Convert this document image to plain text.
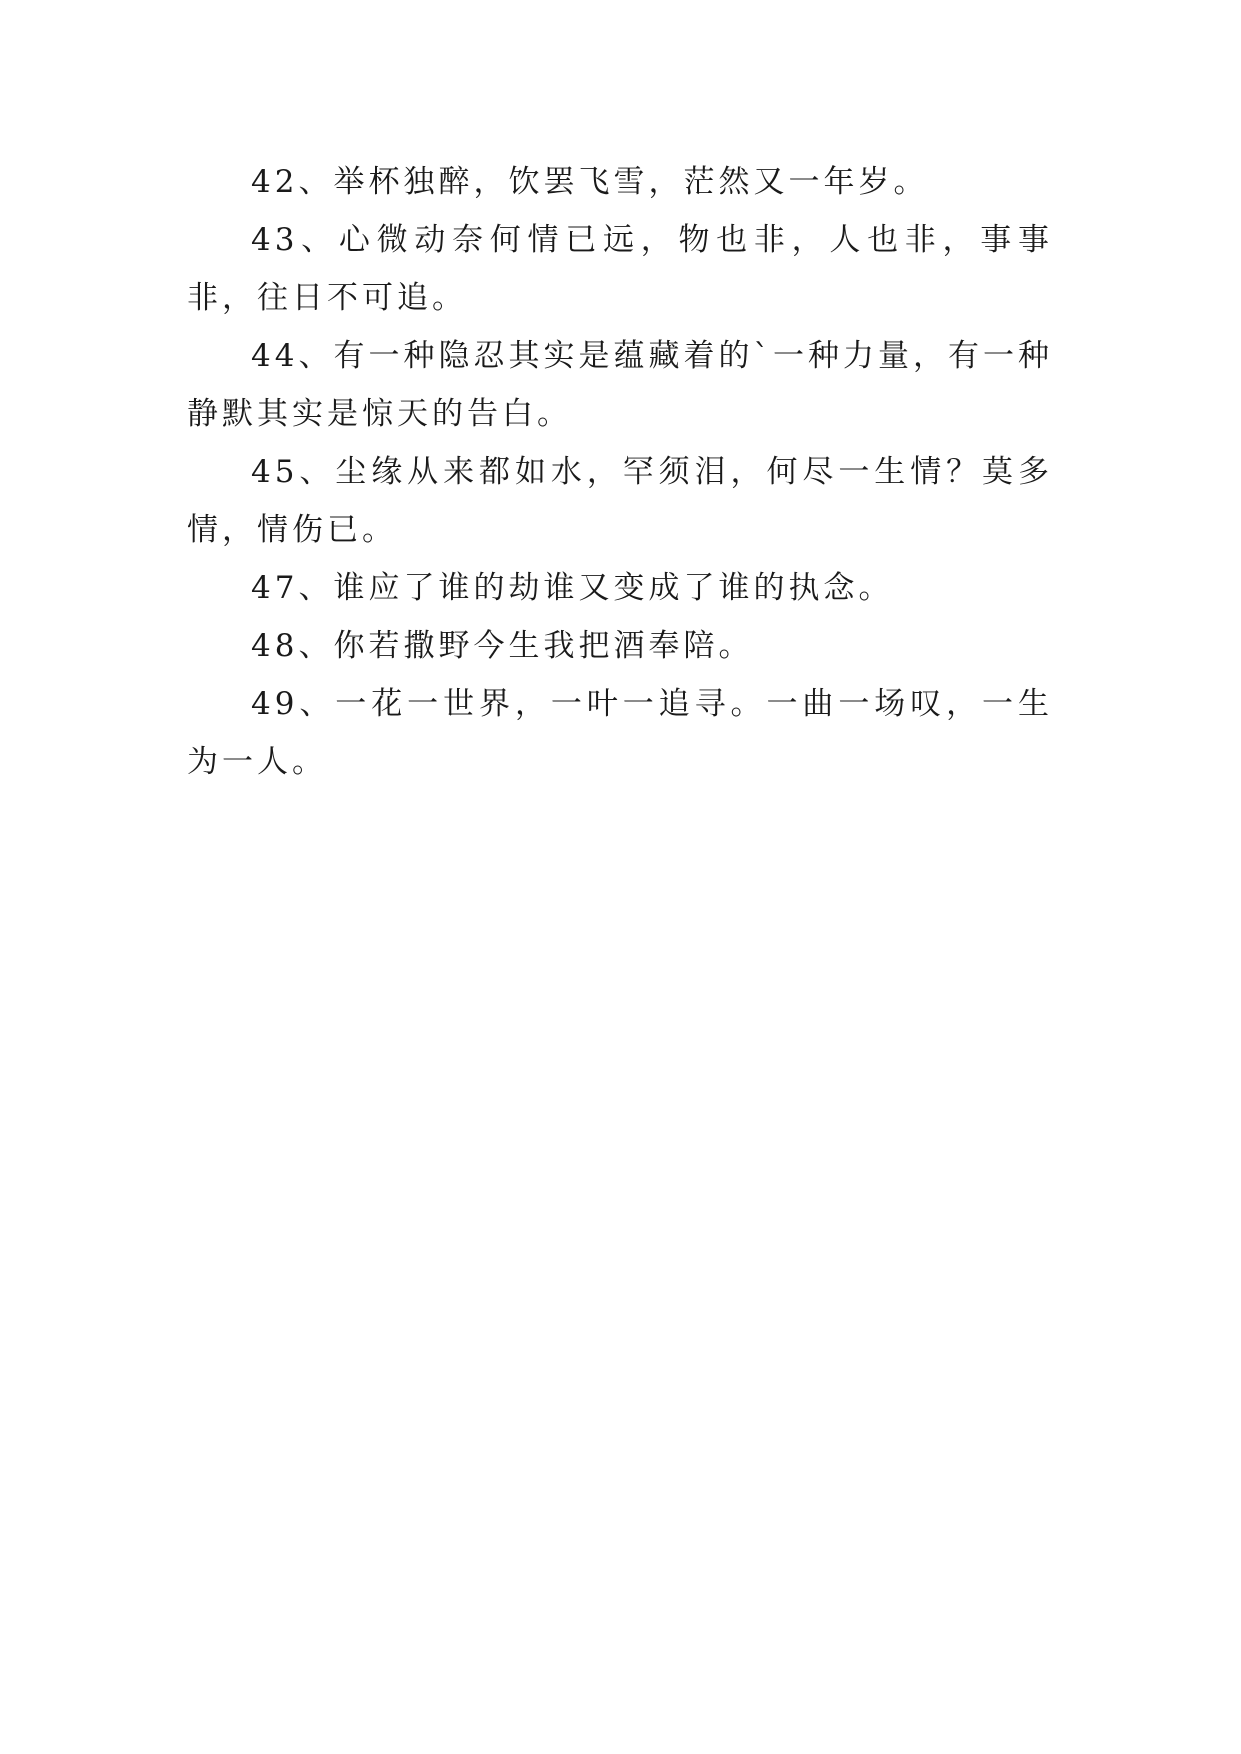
42、举杯独醉，饮罢飞雪，茫然又一年岁。

43、心微动奈何情已远，物也非，人也非，事事非，往日不可追。

44、有一种隐忍其实是蕴藏着的`一种力量，有一种静默其实是惊天的告白。

45、尘缘从来都如水，罕须泪，何尽一生情？莫多情，情伤已。

47、谁应了谁的劫谁又变成了谁的执念。

48、你若撒野今生我把酒奉陪。

49、一花一世界，一叶一追寻。一曲一场叹，一生为一人。
